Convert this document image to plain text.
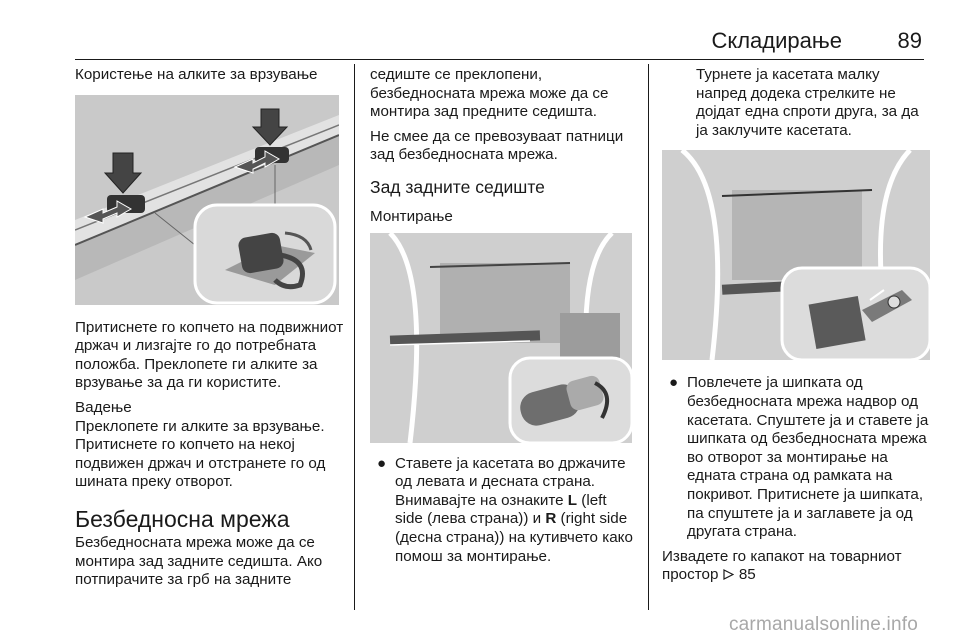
Складирање	89
Користење на алките за врзување

Притиснете го копчето на подвижниот држач и лизгајте го до потребната положба. Преклопете ги алките за врзување за да ги користите.

Вадење

Преклопете ги алките за врзување. Притиснете го копчето на некој подвижен држач и отстранете го од шината преку отворот.

Безбедносна мрежа

Безбедносната мрежа може да се монтира зад задните седишта. Ако потпирачите за грб на задните

седиште се преклопени, безбедносната мрежа може да се монтира зад предните седишта.

Не смее да се превозуваат патници зад безбедносната мрежа.

Зад задните седиште
Монтирање
● Ставете ја касетата во држачите од левата и десната страна. Внимавајте на ознаките L (left side (лева страна)) и R (right side (десна страна)) на кутивчето како помош за монтирање.

Турнете ја касетата малку напред додека стрелките не дојдат една спроти друга, за да ја заклучите касетата.

● Повлечете ја шипката од безбедносната мрежа надвор од касетата. Спуштете ја и ставете ја шипката од безбедносната мрежа во отворот за монтирање на едната страна од рамката на покривот. Притиснете ја шипката, па спуштете ја и заглавете ја од другата страна.

Извадете го капакот на товарниот простор 85

carmanualsonline.info
